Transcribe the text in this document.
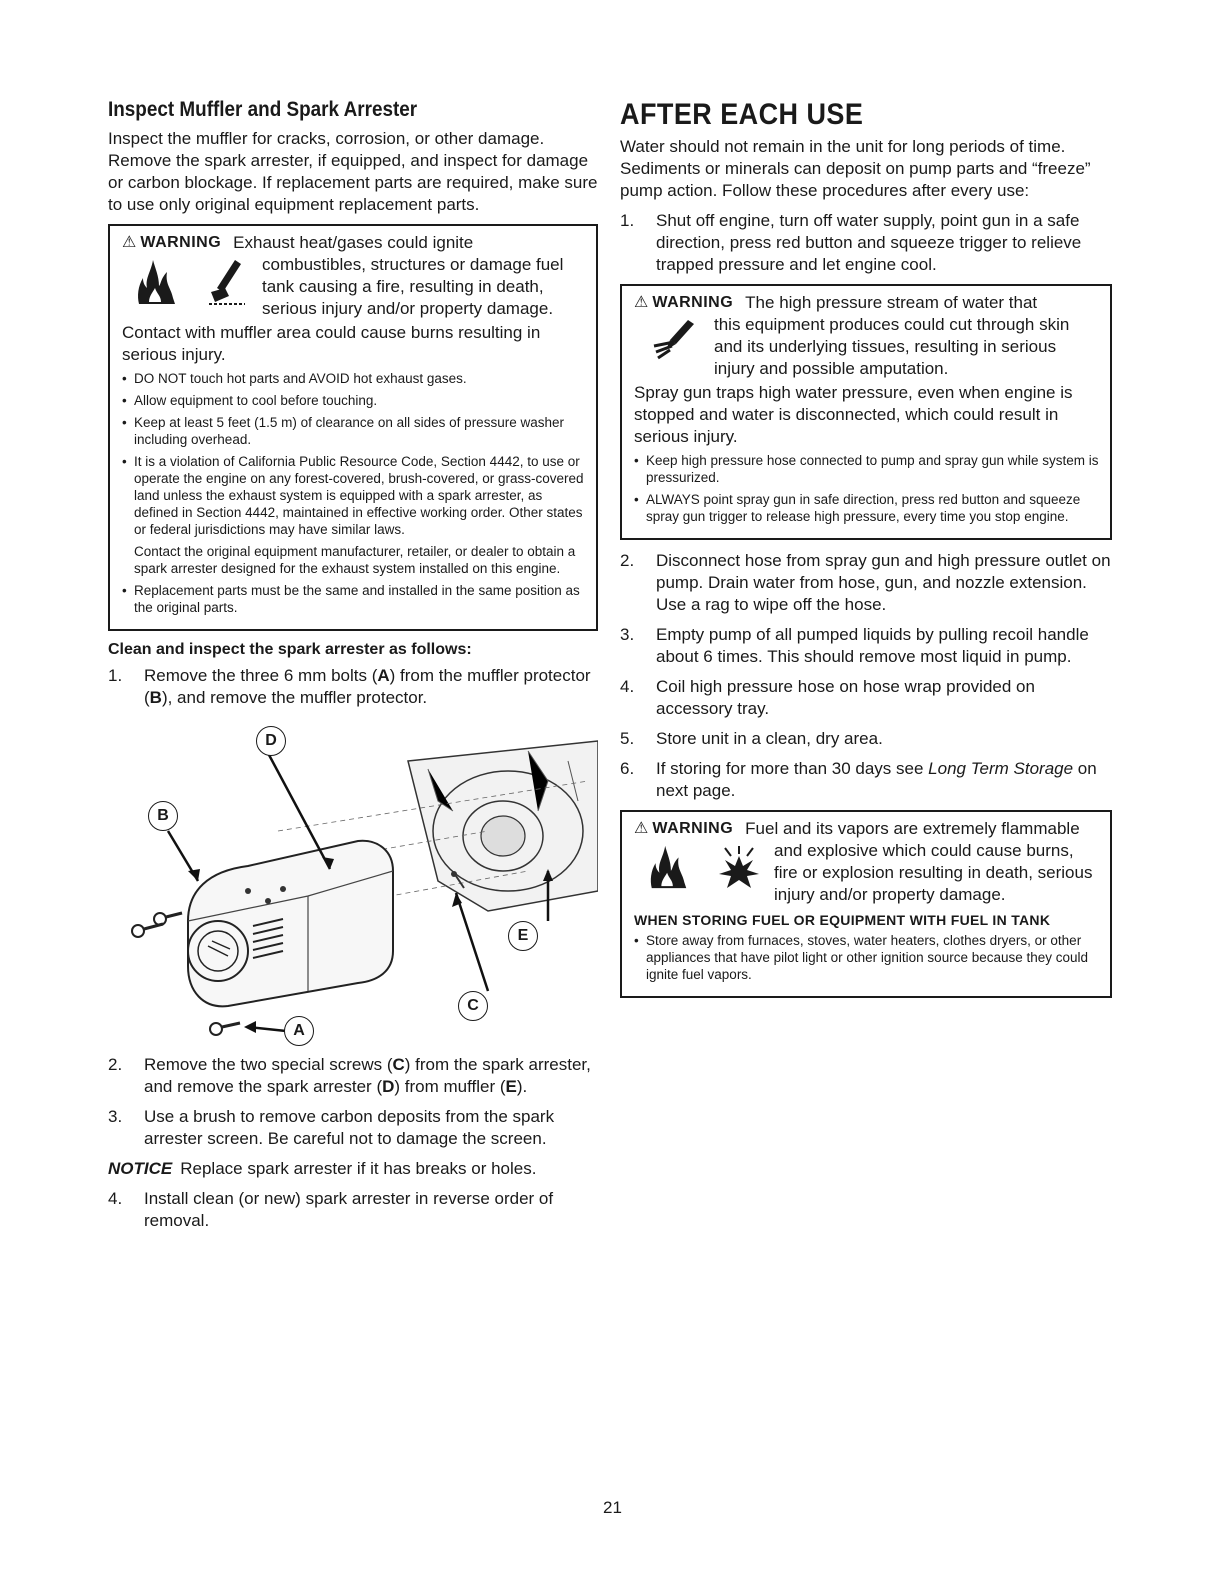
Inspect Muffler and Spark Arrester

Inspect the muffler for cracks, corrosion, or other damage. Remove the spark arrester, if equipped, and inspect for damage or carbon blockage. If replacement parts are required, make sure to use only original equipment replacement parts.

⚠ WARNING Exhaust heat/gases could ignite
combustibles, structures or damage fuel tank causing a fire, resulting in death, serious injury and/or property damage.

Contact with muffler area could cause burns resulting in serious injury.

• DO NOT touch hot parts and AVOID hot exhaust gases.
• Allow equipment to cool before touching.
• Keep at least 5 feet (1.5 m) of clearance on all sides of pressure washer including overhead.
• It is a violation of California Public Resource Code, Section 4442, to use or operate the engine on any forest-covered, brush-covered, or grass-covered land unless the exhaust system is equipped with a spark arrester, as defined in Section 4442, maintained in effective working order. Other states or federal jurisdictions may have similar laws.

Contact the original equipment manufacturer, retailer, or dealer to obtain a spark arrester designed for the exhaust system installed on this engine.

• Replacement parts must be the same and installed in the same position as the original parts.
Clean and inspect the spark arrester as follows:
1. Remove the three 6 mm bolts (A) from the muffler protector (B), and remove the muffler protector.
D
B
E
C
A
2. Remove the two special screws (C) from the spark arrester, and remove the spark arrester (D) from muffler (E).
3. Use a brush to remove carbon deposits from the spark arrester screen. Be careful not to damage the screen.

NOTICE Replace spark arrester if it has breaks or holes.

4. Install clean (or new) spark arrester in reverse order of removal.
AFTER EACH USE

Water should not remain in the unit for long periods of time. Sediments or minerals can deposit on pump parts and “freeze” pump action. Follow these procedures after every use:

1. Shut off engine, turn off water supply, point gun in a safe direction, press red button and squeeze trigger to relieve trapped pressure and let engine cool.
⚠ WARNING The high pressure stream of water that
this equipment produces could cut through skin and its underlying tissues, resulting in serious injury and possible amputation.

Spray gun traps high water pressure, even when engine is stopped and water is disconnected, which could result in serious injury.

• Keep high pressure hose connected to pump and spray gun while system is pressurized.
• ALWAYS point spray gun in safe direction, press red button and squeeze spray gun trigger to release high pressure, every time you stop engine.
2. Disconnect hose from spray gun and high pressure outlet on pump. Drain water from hose, gun, and nozzle extension. Use a rag to wipe off the hose.
3. Empty pump of all pumped liquids by pulling recoil handle about 6 times. This should remove most liquid in pump.
4. Coil high pressure hose on hose wrap provided on accessory tray.
5. Store unit in a clean, dry area.
6. If storing for more than 30 days see Long Term Storage on next page.
⚠ WARNING Fuel and its vapors are extremely flammable
and explosive which could cause burns, fire or explosion resulting in death, serious injury and/or property damage.
WHEN STORING FUEL OR EQUIPMENT WITH FUEL IN TANK
• Store away from furnaces, stoves, water heaters, clothes dryers, or other appliances that have pilot light or other ignition source because they could ignite fuel vapors.
21
